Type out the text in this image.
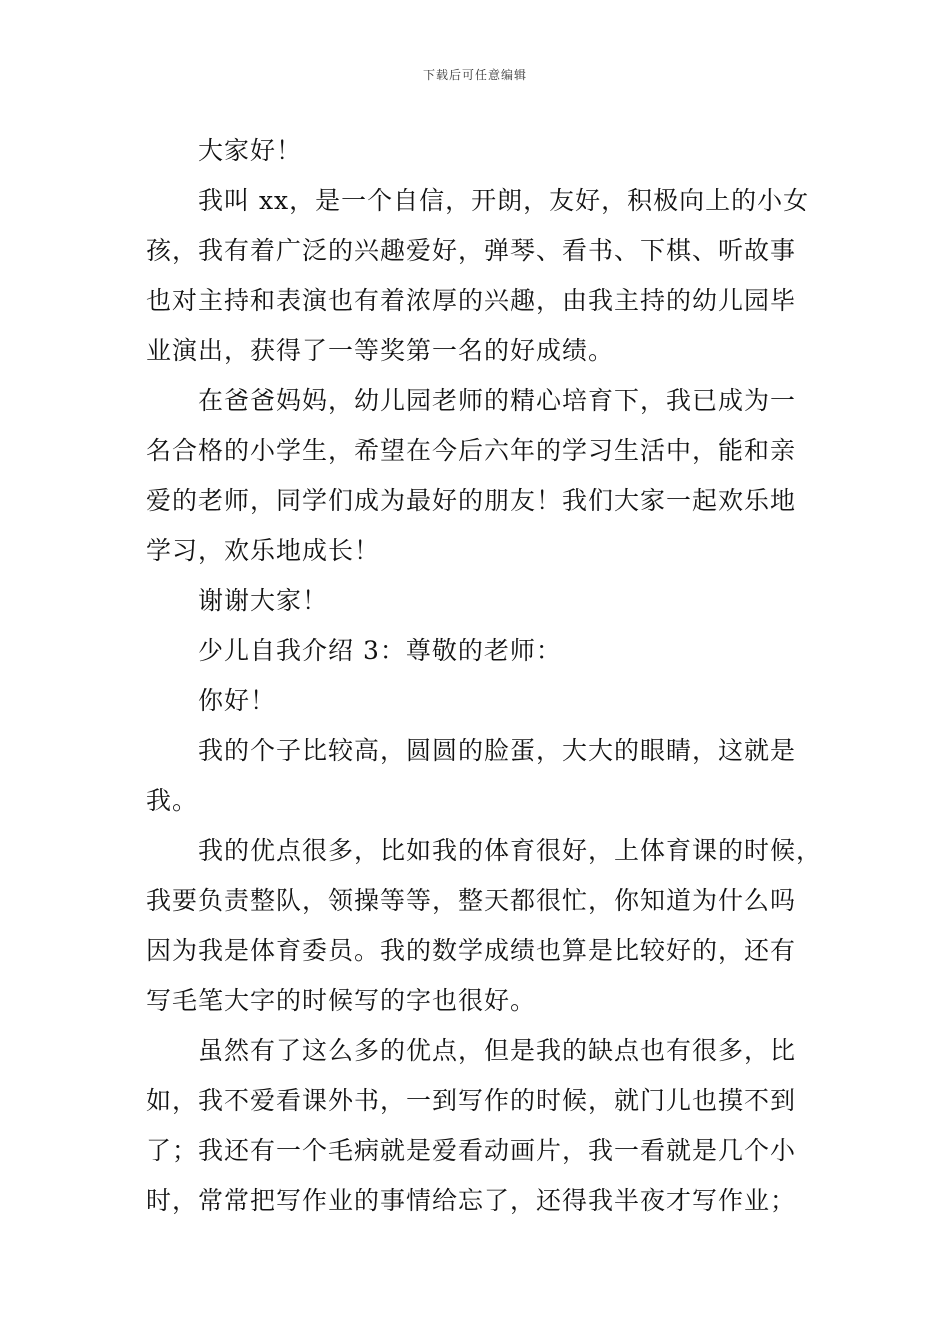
下载后可任意编辑
大家好！
我叫 xx，是一个自信，开朗，友好，积极向上的小女
孩，我有着广泛的兴趣爱好，弹琴、看书、下棋、听故事
也对主持和表演也有着浓厚的兴趣，由我主持的幼儿园毕
业演出，获得了一等奖第一名的好成绩。
在爸爸妈妈，幼儿园老师的精心培育下，我已成为一
名合格的小学生，希望在今后六年的学习生活中，能和亲
爱的老师，同学们成为最好的朋友！我们大家一起欢乐地
学习，欢乐地成长！
谢谢大家！
少儿自我介绍 3：尊敬的老师：
你好！
我的个子比较高，圆圆的脸蛋，大大的眼睛，这就是
我。
我的优点很多，比如我的体育很好，上体育课的时候，
我要负责整队，领操等等，整天都很忙，你知道为什么吗
因为我是体育委员。我的数学成绩也算是比较好的，还有
写毛笔大字的时候写的字也很好。
虽然有了这么多的优点，但是我的缺点也有很多，比
如，我不爱看课外书，一到写作的时候，就门儿也摸不到
了；我还有一个毛病就是爱看动画片，我一看就是几个小
时，常常把写作业的事情给忘了，还得我半夜才写作业；
